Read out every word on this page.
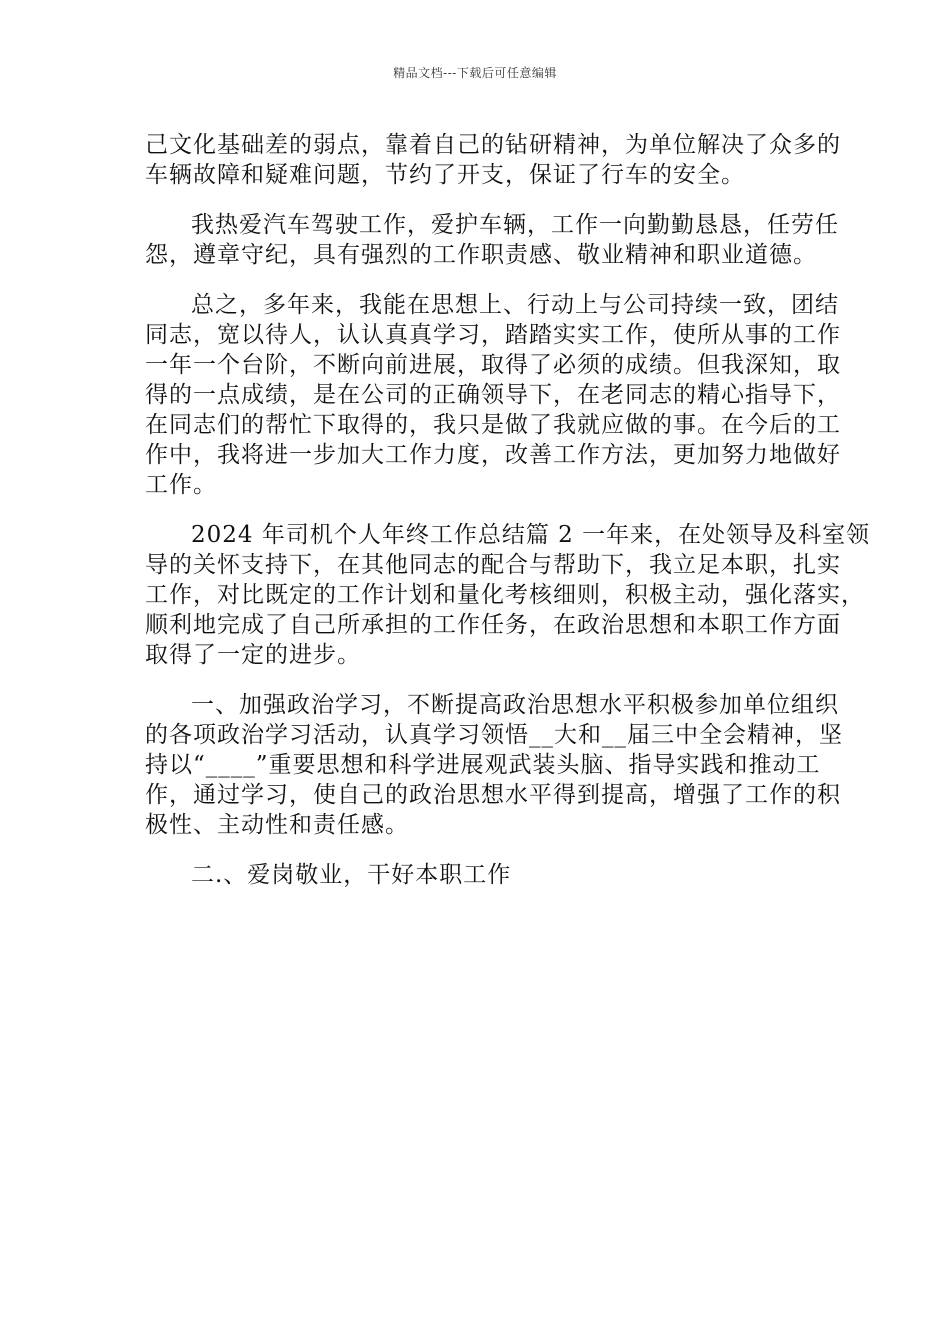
精品文档---下载后可任意编辑

己文化基础差的弱点，靠着自己的钻研精神，为单位解决了众多的

车辆故障和疑难问题，节约了开支，保证了行车的安全。

我热爱汽车驾驶工作，爱护车辆，工作一向勤勤恳恳，任劳任

怨，遵章守纪，具有强烈的工作职责感、敬业精神和职业道德。

总之，多年来，我能在思想上、行动上与公司持续一致，团结

同志，宽以待人，认认真真学习，踏踏实实工作，使所从事的工作

一年一个台阶，不断向前进展，取得了必须的成绩。但我深知，取

得的一点成绩，是在公司的正确领导下，在老同志的精心指导下，

在同志们的帮忙下取得的，我只是做了我就应做的事。在今后的工

作中，我将进一步加大工作力度，改善工作方法，更加努力地做好

工作。

2024 年司机个人年终工作总结篇 2 一年来，在处领导及科室领

导的关怀支持下，在其他同志的配合与帮助下，我立足本职，扎实

工作，对比既定的工作计划和量化考核细则，积极主动，强化落实，

顺利地完成了自己所承担的工作任务，在政治思想和本职工作方面

取得了一定的进步。

一、加强政治学习，不断提高政治思想水平积极参加单位组织

的各项政治学习活动，认真学习领悟__大和__届三中全会精神，坚

持以“____”重要思想和科学进展观武装头脑、指导实践和推动工

作，通过学习，使自己的政治思想水平得到提高，增强了工作的积

极性、主动性和责任感。

二.、爱岗敬业，干好本职工作
